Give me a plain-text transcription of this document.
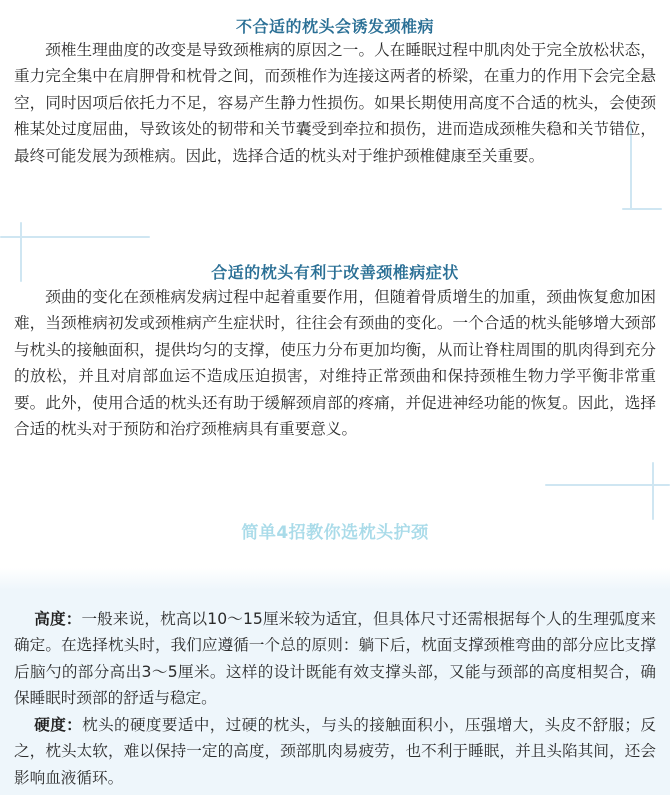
不合适的枕头会诱发颈椎病

颈椎生理曲度的改变是导致颈椎病的原因之一。人在睡眠过程中肌肉处于完全放松状态，重力完全集中在肩胛骨和枕骨之间，而颈椎作为连接这两者的桥梁，在重力的作用下会完全悬空，同时因项后依托力不足，容易产生静力性损伤。如果长期使用高度不合适的枕头，会使颈椎某处过度屈曲，导致该处的韧带和关节囊受到牵拉和损伤，进而造成颈椎失稳和关节错位，最终可能发展为颈椎病。因此，选择合适的枕头对于维护颈椎健康至关重要。

合适的枕头有利于改善颈椎病症状

颈曲的变化在颈椎病发病过程中起着重要作用，但随着骨质增生的加重，颈曲恢复愈加困难，当颈椎病初发或颈椎病产生症状时，往往会有颈曲的变化。一个合适的枕头能够增大颈部与枕头的接触面积，提供均匀的支撑，使压力分布更加均衡，从而让脊柱周围的肌肉得到充分的放松，并且对肩部血运不造成压迫损害，对维持正常颈曲和保持颈椎生物力学平衡非常重要。此外，使用合适的枕头还有助于缓解颈肩部的疼痛，并促进神经功能的恢复。因此，选择合适的枕头对于预防和治疗颈椎病具有重要意义。

简单4招教你选枕头护颈

高度：一般来说，枕高以10～15厘米较为适宜，但具体尺寸还需根据每个人的生理弧度来确定。在选择枕头时，我们应遵循一个总的原则：躺下后，枕面支撑颈椎弯曲的部分应比支撑后脑勺的部分高出3～5厘米。这样的设计既能有效支撑头部，又能与颈部的高度相契合，确保睡眠时颈部的舒适与稳定。

硬度：枕头的硬度要适中，过硬的枕头，与头的接触面积小，压强增大，头皮不舒服；反之，枕头太软，难以保持一定的高度，颈部肌肉易疲劳，也不利于睡眠，并且头陷其间，还会影响血液循环。
